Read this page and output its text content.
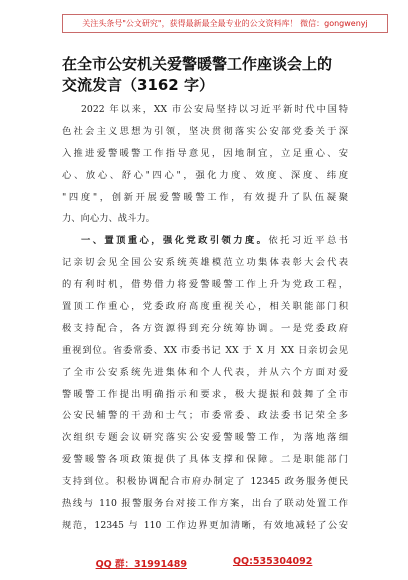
关注头条号"公文研究"，获得最新最全最专业的公文资料库！ 微信：gongwenyj
在全市公安机关爱警暖警工作座谈会上的
交流发言（3162 字）
2022 年以来，XX 市公安局坚持以习近平新时代中国特
色社会主义思想为引领，坚决贯彻落实公安部党委关于深
入推进爱警暖警工作指导意见，因地制宜，立足重心、安
心、放心、舒心"四心"，强化力度、效度、深度、纬度
"四度"，创新开展爱警暖警工作，有效提升了队伍凝聚
力、向心力、战斗力。
一、置顶重心，强化党政引领力度。依托习近平总书
记亲切会见全国公安系统英雄模范立功集体表彰大会代表
的有利时机，借势借力将爱警暖警工作上升为党政工程，
置顶工作重心，党委政府高度重视关心，相关职能部门积
极支持配合，各方资源得到充分统筹协调。一是党委政府
重视到位。省委常委、XX 市委书记 XX 于 X 月 XX 日亲切会见
了全市公安系统先进集体和个人代表，并从六个方面对爱
警暖警工作提出明确指示和要求，极大提振和鼓舞了全市
公安民辅警的干劲和士气；市委常委、政法委书记荣全多
次组织专题会议研究落实公安爱警暖警工作，为落地落细
爱警暖警各项政策提供了具体支撑和保障。二是职能部门
支持到位。积极协调配合市府办制定了 12345 政务服务便民
热线与 110 报警服务台对接工作方案，出台了联动处置工作
规范，12345 与 110 工作边界更加清晰，有效地减轻了公安
QQ 群：31991489	QQ:535304092
